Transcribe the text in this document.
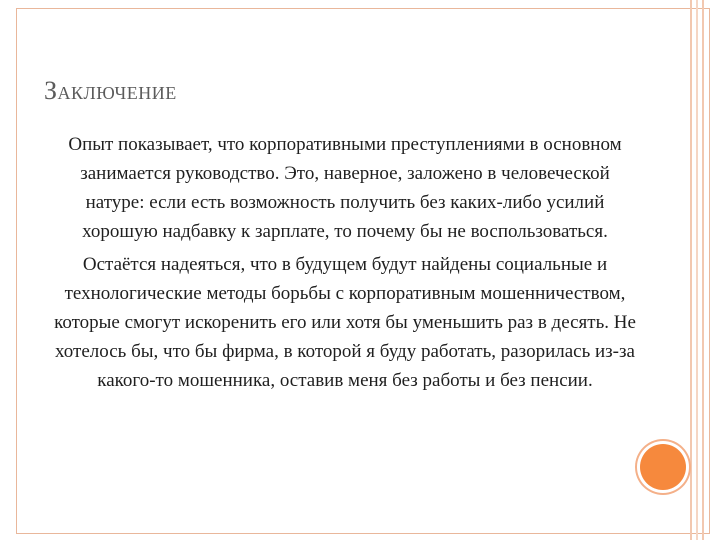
Заключение

Опыт показывает, что корпоративными преступлениями в основном занимается руководство. Это, наверное, заложено в человеческой натуре: если есть возможность получить без каких-либо усилий хорошую надбавку к зарплате, то почему бы не воспользоваться.

Остаётся надеяться, что в будущем будут найдены социальные и технологические методы борьбы с корпоративным мошенничеством, которые смогут искоренить его или хотя бы уменьшить раз в десять. Не хотелось бы, что бы фирма, в которой я буду работать, разорилась из-за какого-то мошенника, оставив меня без работы и без пенсии.
